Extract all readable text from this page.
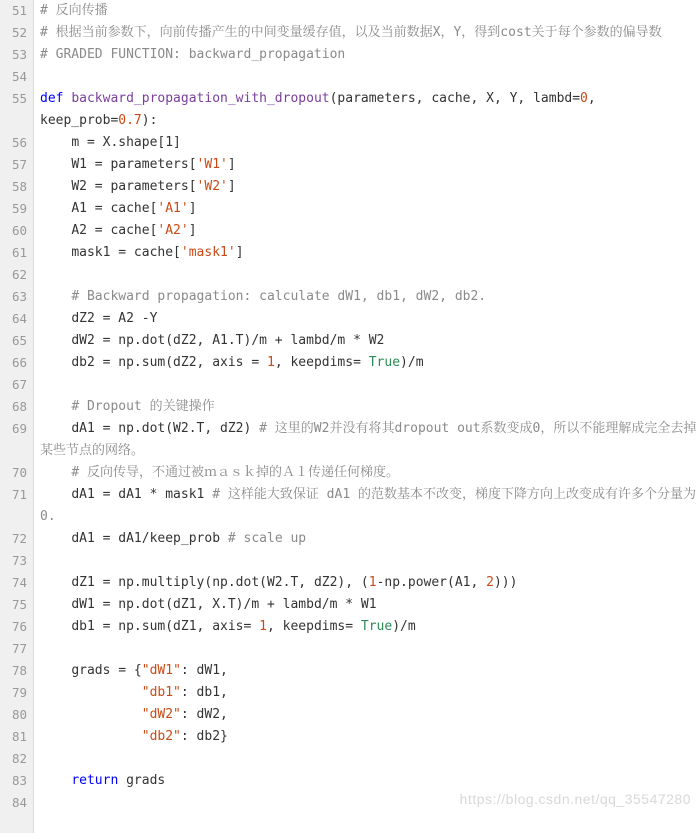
https://blog.csdn.net/qq_35547280
51	# 反向传播
52	# 根据当前参数下，向前传播产生的中间变量缓存值，以及当前数据X，Y，得到cost关于每个参数的偏导数
53	# GRADED FUNCTION: backward_propagation
54
55	def backward_propagation_with_dropout(parameters, cache, X, Y, lambd=0, keep_prob=0.7):
56	m = X.shape[1]
57	W1 = parameters['W1']
58	W2 = parameters['W2']
59	A1 = cache['A1']
60	A2 = cache['A2']
61	mask1 = cache['mask1']
62
63	# Backward propagation: calculate dW1, db1, dW2, db2.
64	dZ2 = A2 -Y
65	dW2 = np.dot(dZ2, A1.T)/m + lambd/m * W2
66	db2 = np.sum(dZ2, axis = 1, keepdims= True)/m
67
68	# Dropout 的关键操作
69	dA1 = np.dot(W2.T, dZ2) # 这里的W2并没有将其dropout out系数变成0，所以不能理解成完全去掉某些节点的网络。
70	# 反向传导，不通过被ｍａｓｋ掉的Ａ１传递任何梯度。
71	dA1 = dA1 * mask1 # 这样能大致保证 dA1 的范数基本不改变，梯度下降方向上改变成有许多个分量为0.
72	dA1 = dA1/keep_prob # scale up
73
74	dZ1 = np.multiply(np.dot(W2.T, dZ2), (1-np.power(A1, 2)))
75	dW1 = np.dot(dZ1, X.T)/m + lambd/m * W1
76	db1 = np.sum(dZ1, axis= 1, keepdims= True)/m
77
78	grads = {"dW1": dW1,
79	"db1": db1,
80	"dW2": dW2,
81	"db2": db2}
82
83	return grads
84
